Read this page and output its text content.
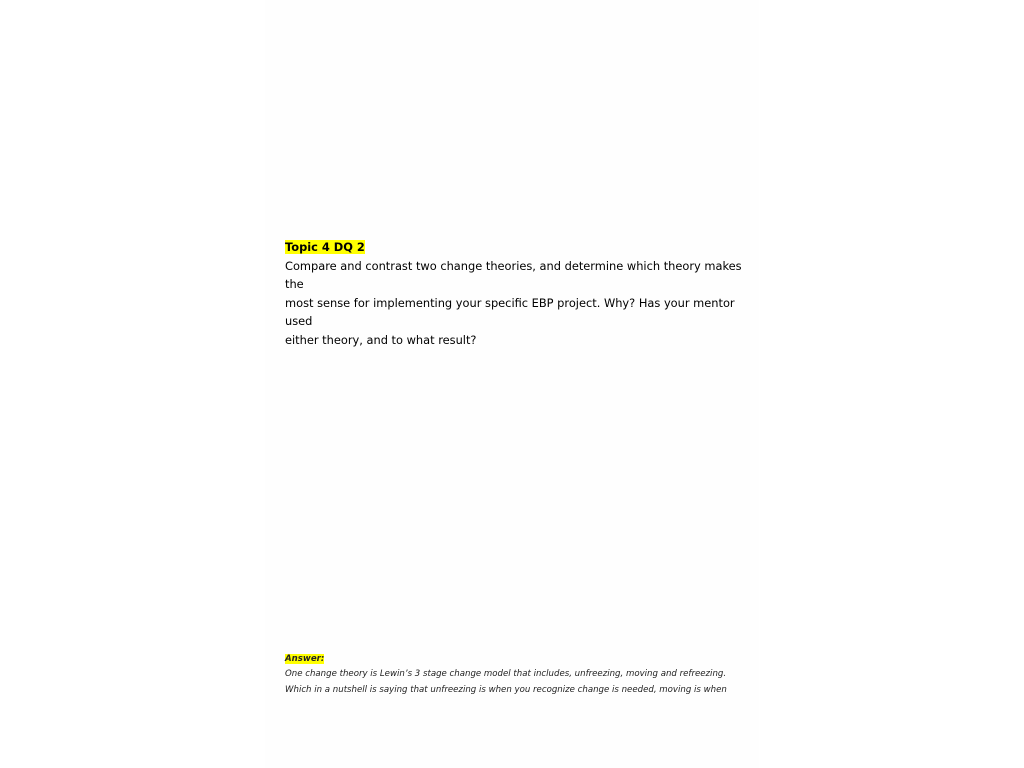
Topic 4 DQ 2
Compare and contrast two change theories, and determine which theory makes the
most sense for implementing your specific EBP project. Why? Has your mentor used
either theory, and to what result?
Answer:
One change theory is Lewin’s 3 stage change model that includes, unfreezing, moving and refreezing.
Which in a nutshell is saying that unfreezing is when you recognize change is needed, moving is when
